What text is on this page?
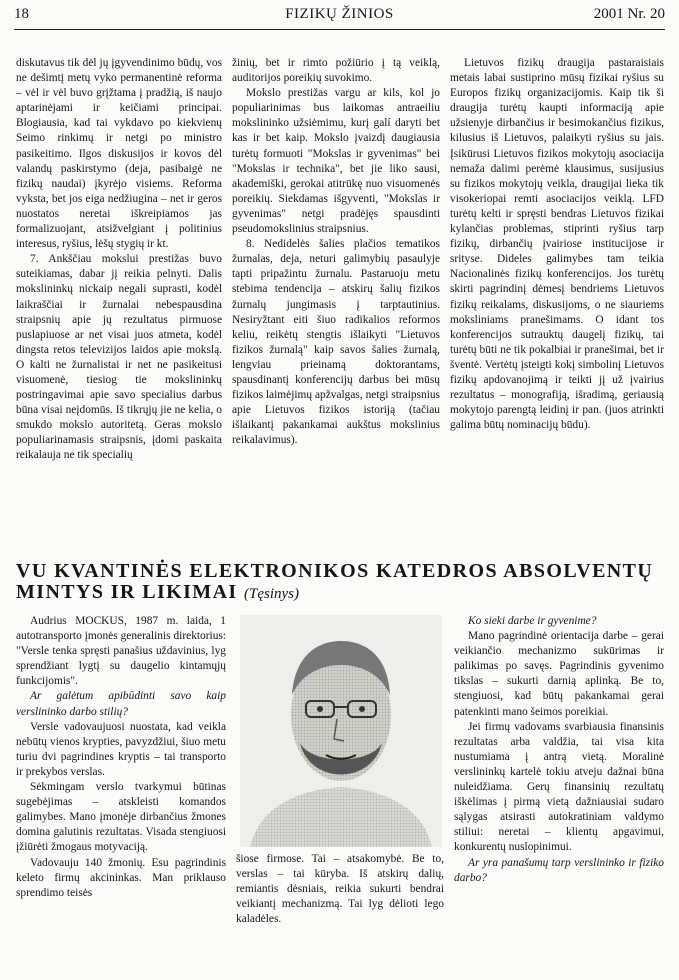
18	FIZIKŲ ŽINIOS	2001 Nr. 20

diskutavus tik dėl jų įgyvendinimo būdų, vos ne dešimtį metų vyko permanentinė reforma – vėl ir vėl buvo grįžtama į pradžią, iš naujo aptarinėjami ir keičiami principai. Blogiausia, kad tai vykdavo po kiekvienų Seimo rinkimų ir netgi po ministro pasikeitimo. Ilgos diskusijos ir kovos dėl valandų paskirstymo (deja, pasibaigė ne fizikų naudai) įkyrėjo visiems. Reforma vyksta, bet jos eiga nedžiugina – net ir geros nuostatos neretai iškreipiamos jas formalizuojant, atsižvelgiant į politinius interesus, ryšius, lėšų stygių ir kt.

7. Ankščiau mokslui prestižas buvo suteikiamas, dabar jį reikia pelnyti. Dalis mokslininkų nickaip negali suprasti, kodėl laikraščiai ir žurnalai nebespausdina straipsnių apie jų rezultatus pirmuose puslapiuose ar net visai juos atmeta, kodėl dingsta retos televizijos laidos apie mokslą. O kalti ne žurnalistai ir net ne pasikeitusi visuomenė, tiesiog tie mokslininkų postringavimai apie savo specialius darbus būna visai neįdomūs. Iš tikrųjų jie ne kelia, o smukdo mokslo autoritetą. Geras mokslo populiarinamasis straipsnis, įdomi paskaita reikalauja ne tik specialių

žinių, bet ir rimto požiūrio į tą veiklą, auditorijos poreikių suvokimo.

Mokslo prestižas vargu ar kils, kol jo populiarinimas bus laikomas antraeiliu mokslininko užsiėmimu, kurį galí daryti bet kas ir bet kaip. Mokslo įvaizdį daugiausia turėtų formuoti "Mokslas ir gyvenimas" bei "Mokslas ir technika", bet jie liko sausi, akademiški, gerokai atitrūkę nuo visuomenės poreikių. Siekdamas išgyventi, "Mokslas ir gyvenimas" netgi pradėjęs spausdinti pseudomokslinius straipsnius.

8. Nedidelės šalies plačios tematikos žurnalas, deja, neturi galimybių pasaulyje tapti pripažintu žurnalu. Pastaruoju metu stebima tendencija – atskirų šalių fizikos žurnalų jungimasis į tarptautinius. Nesiryžtant eiti šiuo radikalios reformos keliu, reikėtų stengtis išlaikyti "Lietuvos fizikos žurnalą" kaip savos šalies žurnalą, lengviau prieinamą doktorantams, spausdinantį konferencijų darbus bei mūsų fizikos laimėjimų apžvalgas, netgi straipsnius apie Lietuvos fizikos istoriją (tačiau išlaikantį pakankamai aukštus mokslinius reikalavimus).

Lietuvos fizikų draugija pastaraisiais metais labai sustiprino mūsų fizikai ryšius su Europos fizikų organizacijomis. Kaip tik ši draugija turėtų kaupti informaciją apie užsienyje dirbančius ir besimokančius fizikus, kilusius iš Lietuvos, palaikyti ryšius su jais. Įsikūrusi Lietuvos fizikos mokytojų asociacija nemaža dalimi perėmė klausimus, susijusius su fizikos mokytojų veikla, draugijai lieka tik visokeriopai remti asociacijos veiklą. LFD turėtų kelti ir spręsti bendras Lietuvos fizikai kylančias problemas, stiprinti ryšius tarp fizikų, dirbančių įvairiose institucijose ir srityse. Dideles galimybes tam teikia Nacionalinės fizikų konferencijos. Jos turėtų skirti pagrindinį dėmesį bendriems Lietuvos fizikų reikalams, diskusijoms, o ne siauriems moksliniams pranešimams. O idant tos konferencijos sutrauktų daugelį fizikų, tai turėtų būti ne tik pokalbiai ir pranešimai, bet ir šventė. Vertėtų įsteigti kokį simbolinį Lietuvos fizikų apdovanojimą ir teikti jį už įvairius rezultatus – monografiją, išradimą, geriausią mokytojo parengtą leidinį ir pan. (juos atrinkti galima būtų nominacijų būdu).

VU KVANTINĖS ELEKTRONIKOS KATEDROS ABSOLVENTŲ MINTYS IR LIKIMAI (Tęsinys)

Audrius MOCKUS, 1987 m. laida, 1 autotransporto įmonės generalinis direktorius: "Versle tenka spręsti panašius uždavinius, lyg sprendžiant lygtį su daugelio kintamųjų funkcijomis".

Ar galėtum apibūdinti savo kaip verslininko darbo stilių?

Versle vadovaujuosi nuostata, kad veikla nebūtų vienos krypties, pavyzdžiui, šiuo metu turiu dvi pagrindines kryptis – tai transporto ir prekybos verslas.

Sėkmingam verslo tvarkymui būtinas sugebėjimas – atskleisti komandos galimybes. Mano įmonėje dirbančius žmones domina galutinis rezultatas. Visada stengiuosi įžiūrėti žmogaus motyvaciją.

Vadovauju 140 žmonių. Esu pagrindinis keleto firmų akcininkas. Man priklauso sprendimo teisės

šiose firmose. Tai – atsakomybė. Be to, verslas – tai kūryba. Iš atskirų dalių, remiantis dėsniais, reikia sukurti bendrai veikiantį mechanizmą. Tai lyg dėlioti lego kaladėles.

Ko sieki darbe ir gyvenime?

Mano pagrindinė orientacija darbe – gerai veikiančio mechanizmo sukūrimas ir palikimas po savęs. Pagrindinis gyvenimo tikslas – sukurti darnią aplinką. Be to, stengiuosi, kad būtų pakankamai gerai patenkinti mano šeimos poreikiai.

Jei firmų vadovams svarbiausia finansinis rezultatas arba valdžia, tai visa kita nustumiama į antrą vietą. Moralinė verslininkų kartelė tokiu atveju dažnai būna nuleidžiama. Gerų finansinių rezultatų iškėlimas į pirmą vietą dažniausiai sudaro sąlygas atsirasti autokratiniam valdymo stiliui: neretai – klientų apgavimui, konkurentų nuslopinimui.

Ar yra panašumų tarp verslininko ir fiziko darbo?
